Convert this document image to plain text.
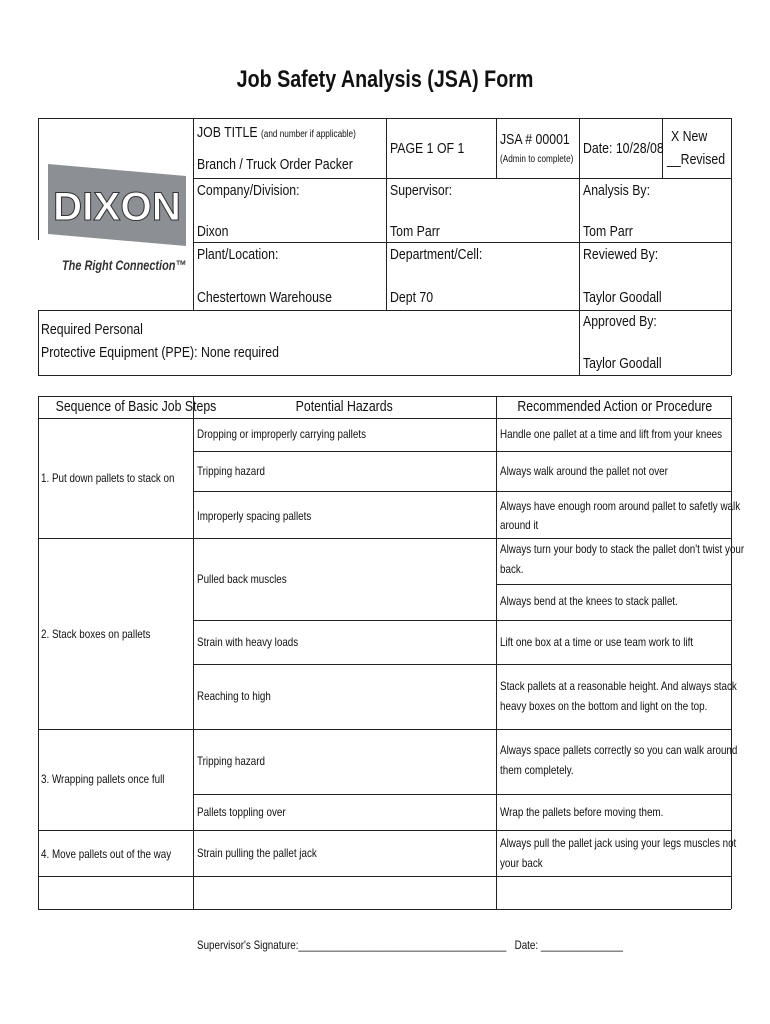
Job Safety Analysis (JSA) Form
DIXON
The Right Connection™
JOB TITLE (and number if applicable)
Branch / Truck Order Packer
PAGE 1 OF 1
JSA # 00001
(Admin to complete)
Date: 10/28/08
X New
__Revised
Company/Division:
Dixon
Supervisor:
Tom Parr
Analysis By:
Tom Parr
Plant/Location:
Chestertown Warehouse
Department/Cell:
Dept 70
Reviewed By:
Taylor Goodall
Approved By:
Taylor Goodall
Required Personal
Protective Equipment (PPE): None required
Sequence of Basic Job Steps	Potential Hazards	Recommended Action or Procedure
1. Put down pallets to stack on
2. Stack boxes on pallets
3. Wrapping pallets once full
4. Move pallets out of the way
Dropping or improperly carrying pallets
Tripping hazard
Improperly spacing pallets
Pulled back muscles
Strain with heavy loads
Reaching to high
Tripping hazard
Pallets toppling over
Strain pulling the pallet jack
Handle one pallet at a time and lift from your knees
Always walk around the pallet not over
Always have enough room around pallet to safetly walk
around it
Always turn your body to stack the pallet don't twist your
back.
Always bend at the knees to stack pallet.
Lift one box at a time or use team work to lift
Stack pallets at a reasonable height. And always stack
heavy boxes on the bottom and light on the top.
Always space pallets correctly so you can walk around
them completely.
Wrap the pallets before moving them.
Always pull the pallet jack using your legs muscles not
your back
Supervisor's Signature:______________________________________ Date: _______________
